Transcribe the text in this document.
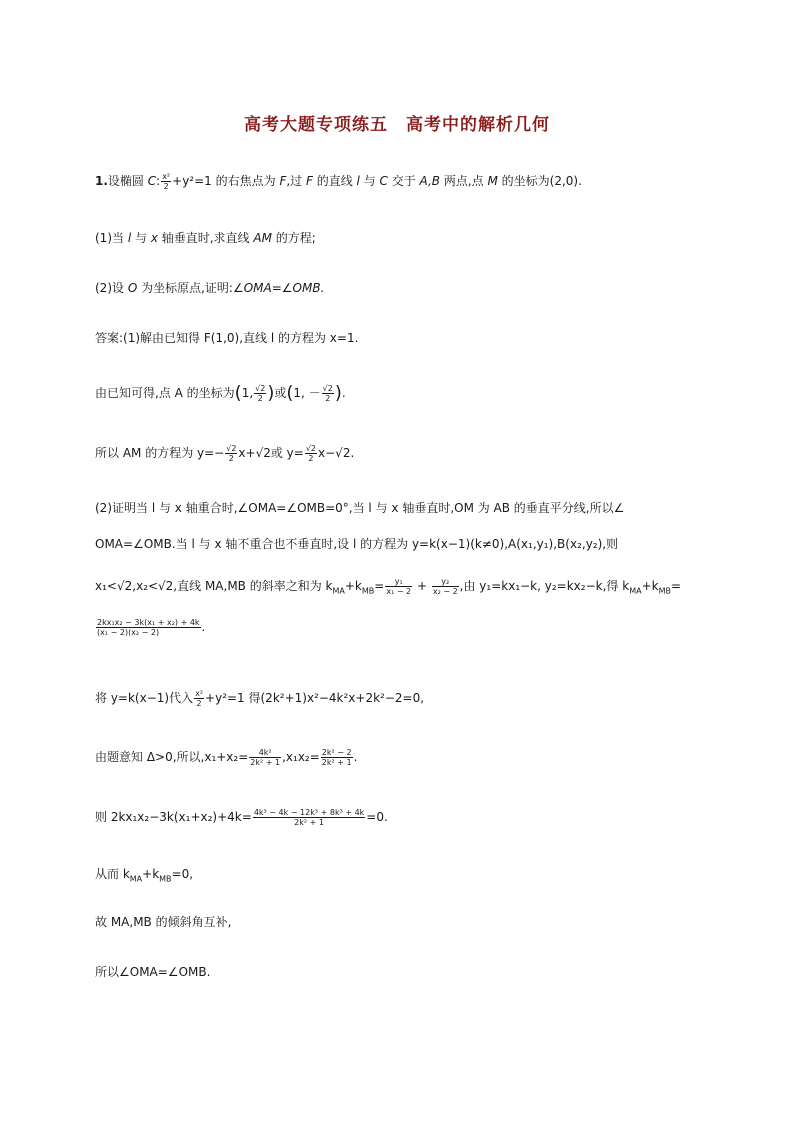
高考大题专项练五　高考中的解析几何
1.设椭圆 C: $\frac{\text{x²}}{2} +y^2=1$ 的右焦点为 F,过 F 的直线 l 与 C 交于 A,B 两点,点 M 的坐标为(2,0).
(1)当 l 与 x 轴垂直时,求直线 AM 的方程;
(2)设 O 为坐标原点,证明:∠OMA=∠OMB.
答案:(1)解由已知得 F(1,0),直线 l 的方程为 x=1.
由已知可得,点 A 的坐标为(1, $\frac{√2}{2}$ )或(1, － $\frac{√2}{2}$ ).
所以 AM 的方程为 $y=- \frac{√2}{2} x+√2$或 $y= \frac{√2}{2} x-√2$.
(2)证明当 l 与 x 轴重合时,∠OMA=∠OMB=0°,当 l 与 x 轴垂直时,OM 为 AB 的垂直平分线,所以∠
OMA=∠OMB.当 l 与 x 轴不重合也不垂直时,设 l 的方程为 y=k(x−1)(k≠0),A(x₁,y₁),B(x₂,y₂),则
x₁<√2,x₂<√2,直线 MA,MB 的斜率之和为 $k_{MA}+k_{MB}= \frac{\text{y₁}}{\text{x₁ − 2}} + \frac{\text{y₂}}{\text{x₂ − 2}}$ ,由 y₁=kx₁−k, y₂=kx₂−k,得 $k_{MA}+k_{MB}=$
$\frac{\text{2kx₁x₂ − 3k(x₁ + x₂) + 4k}}{\text{(x₁ − 2)(x₂ − 2)}}$ .
将 y=k(x−1)代入 $\frac{\text{x²}}{2} +y^2=1$ 得(2k²+1)x²−4k²x+2k²−2=0,
由题意知 Δ>0,所以$,x_1+x_2= \frac{\text{4k²}}{\text{2k² + 1}} ,x_1x_2= \frac{\text{2k² − 2}}{\text{2k² + 1}}$ .
则 $2kx_1x_2-3k(x_1+x_2)+4k= \frac{\text{4k³ − 4k − 12k³ + 8k³ + 4k}}{\text{2k² + 1}} =0$.
从而 $k_{MA}+k_{MB}=0$,
故 MA,MB 的倾斜角互补,
所以∠OMA=∠OMB.
